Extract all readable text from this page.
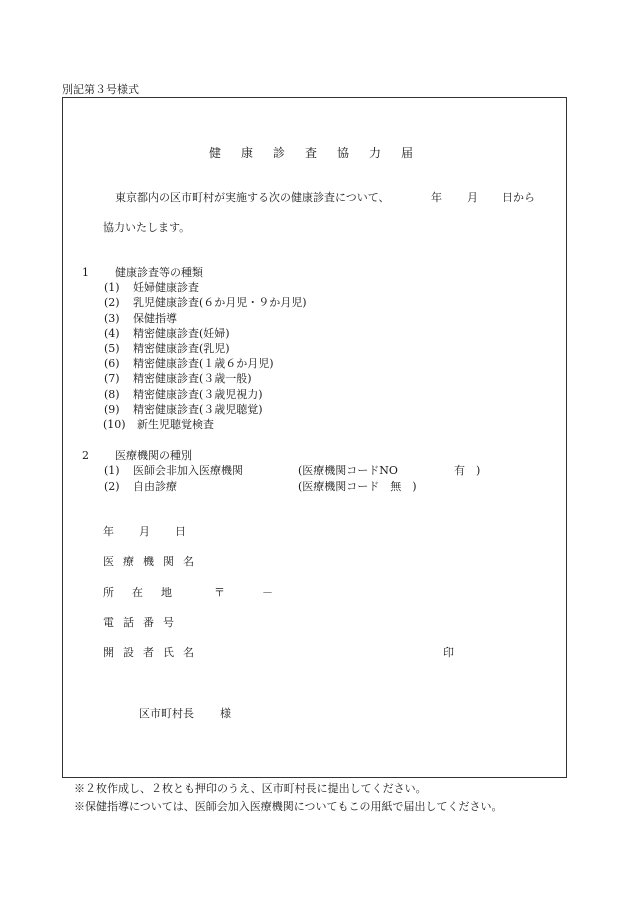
別記第３号様式
健康診査協力届
東京都内の区市町村が実施する次の健康診査について、	年 月 日から
協力いたします。
1 健康診査等の種類
(1) 妊婦健康診査
(2) 乳児健康診査(６か月児・９か月児)
(3) 保健指導
(4) 精密健康診査(妊婦)
(5) 精密健康診査(乳児)
(6) 精密健康診査(１歳６か月児)
(7) 精密健康診査(３歳一般)
(8) 精密健康診査(３歳児視力)
(9) 精密健康診査(３歳児聴覚)
(10) 新生児聴覚検査
2 医療機関の種別
(1) 医師会非加入医療機関	(医療機関コードNO	有　)
(2) 自由診療	(医療機関コード　無　)
年 月 日
医療機関名
所在地 〒	－
電話番号
開設者氏名	印
区市町村長 様
※２枚作成し、２枚とも押印のうえ、区市町村長に提出してください。
※保健指導については、医師会加入医療機関についてもこの用紙で届出してください。
